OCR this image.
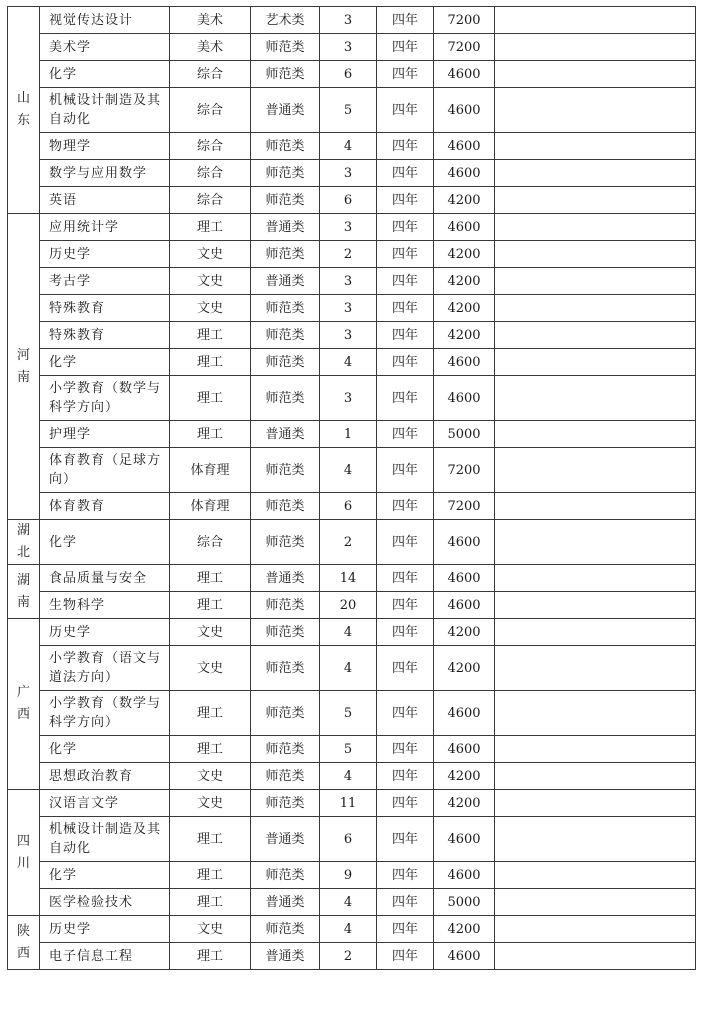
山东	视觉传达设计	美术	艺术类	3	四年	7200	
	美术学	美术	师范类	3	四年	7200	
	化学	综合	师范类	6	四年	4600	
	机械设计制造及其自动化	综合	普通类	5	四年	4600	
	物理学	综合	师范类	4	四年	4600	
	数学与应用数学	综合	师范类	3	四年	4600	
	英语	综合	师范类	6	四年	4200	
河南	应用统计学	理工	普通类	3	四年	4600	
	历史学	文史	师范类	2	四年	4200	
	考古学	文史	普通类	3	四年	4200	
	特殊教育	文史	师范类	3	四年	4200	
	特殊教育	理工	师范类	3	四年	4200	
	化学	理工	师范类	4	四年	4600	
	小学教育（数学与科学方向）	理工	师范类	3	四年	4600	
	护理学	理工	普通类	1	四年	5000	
	体育教育（足球方向）	体育理	师范类	4	四年	7200	
	体育教育	体育理	师范类	6	四年	7200	
湖北	化学	综合	师范类	2	四年	4600	
湖南	食品质量与安全	理工	普通类	14	四年	4600	
	生物科学	理工	师范类	20	四年	4600	
广西	历史学	文史	师范类	4	四年	4200	
	小学教育（语文与道法方向）	文史	师范类	4	四年	4200	
	小学教育（数学与科学方向）	理工	师范类	5	四年	4600	
	化学	理工	师范类	5	四年	4600	
	思想政治教育	文史	师范类	4	四年	4200	
四川	汉语言文学	文史	师范类	11	四年	4200	
	机械设计制造及其自动化	理工	普通类	6	四年	4600	
	化学	理工	师范类	9	四年	4600	
	医学检验技术	理工	普通类	4	四年	5000	
陕西	历史学	文史	师范类	4	四年	4200	
	电子信息工程	理工	普通类	2	四年	4600	
